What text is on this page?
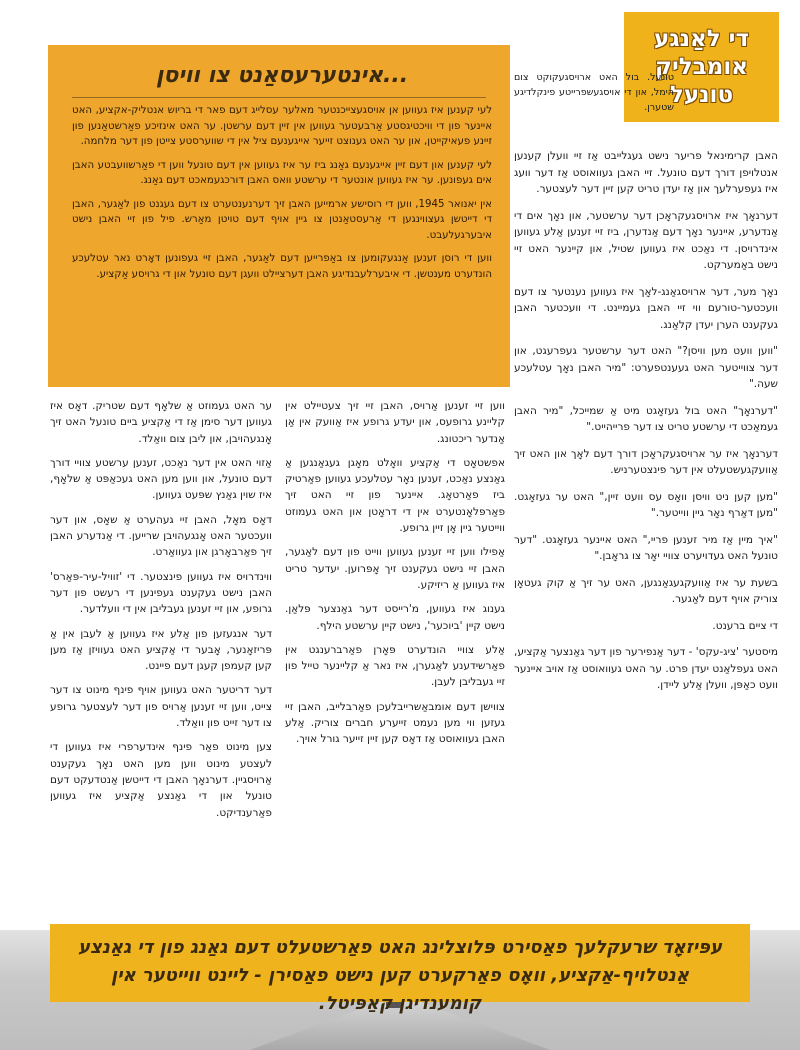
די לאַנגע
אומבליק
טונעל
טונעל. בול האט ארויסגעקוקט צום הימל, און די אויסגעשפרייטע פינקלדיגע שטערן.

האבן קרימינאל פריער נישט געגלייבט אַז זיי וועלן קענען אנטלויפן דורך דעם טונעל. זיי האבן געוואוסט אַז דער וועג איז געפערלעך און אַז יעדן טריט קען זיין דער לעצטער.

דערנאָך איז ארויסגעקראָכן דער ערשטער, און נאָך אים די אַנדערע, איינער נאָך דעם אַנדערן, ביז זיי זענען אַלע געווען אינדרויסן. די נאַכט איז געווען שטיל, און קיינער האט זיי נישט באַמערקט.

נאָך מער, דער ארויסגאַנג-לאָך איז געווען נענטער צו דעם וועכטער-טורעם ווי זיי האבן געמיינט. די וועכטער האבן געקענט הערן יעדן קלאַנג.

"ווען וועט מען וויסן?" האט דער ערשטער געפרעגט, און דער צווייטער האט געענטפערט: "מיר האבן נאָך עטלעכע שעה."

"דערנאָך" האט בול געזאָגט מיט אַ שמייכל, "מיר האבן געמאַכט די ערשטע טריט צו דער פרייהייט."

דערנאָך איז ער ארויסגעקראָכן דורך דעם לאָך און האט זיך אַוועקגעשטעלט אין דער פינצטערניש.

"מען קען ניט וויסן וואָס עס וועט זיין," האט ער געזאָגט. "מען דאַרף נאָר גיין ווייטער."

"איך מיין אַז מיר זענען פריי," האט איינער געזאָגט. "דער טונעל האט געדויערט צוויי יאָר צו גראָבן."

בשעת ער איז אַוועקגעגאַנגען, האט ער זיך אַ קוק געטאָן צוריק אויף דעם לאַגער.

די ציים ברענט.

מיסטער 'ציג-עקס' - דער אַנפירער פון דער גאַנצער אַקציע, האט געפלאַנט יעדן פרט. ער האט געוואוסט אַז אויב איינער וועט כאַפּן, וועלן אַלע ליידן.

אינטערעסאַנט צו וויסן...

לעי קענען איז געווען אן אויסגעצייכנטער מאלער עסלייג דעם פאר די בריוש אנטליק-אקציע, האט איינער פון די וויכטיגסטע אַרבעטער געווען אין זיין דעם ערשטן. ער האט אינזיכע פאַרשטאַנען פון זיינע פעאיקייטן, און ער האט גענוצט זייער אייגענעם ציל אין די שווערסטע צייטן פון דער מלחמה.

לעי קענען און דעם זיין אייגענעם גאַנג ביז ער איז געווען אין דעם טונעל ווען די פאַרשוועבטע האבן אים געפונען. ער איז געווען אונטער די ערשטע וואס האבן דורכגעמאכט דעם גאַנג.

אין יאנואר 1945, ווען די רוסישע ארמייען האבן זיך דערנענטערט צו דעם געגנט פון לאַגער, האבן די דייטשן געצווינגען די אַרעסטאַנטן צו גיין אויף דעם טויטן מאַרש. פיל פון זיי האבן נישט איבערגעלעבט.

ווען די רוסן זענען אַנגעקומען צו באַפרייען דעם לאַגער, האבן זיי געפונען דאָרט נאר עטלעכע הונדערט מענטשן. די איבערלעבנדיגע האבן דערציילט וועגן דעם טונעל און די גרויסע אַקציע.

ווען זיי זענען אַרויס, האבן זיי זיך צעטיילט אין קליינע גרופעס, און יעדע גרופע איז אַוועק אין אַן אַנדער ריכטונג.

אפשטאָט די אַקציע וואָלט מאָגן געגאַנגען אַ גאַנצע נאַכט, זענען נאָר עטלעכע געווען פאַרטיק ביז פאַרטאָג. איינער פון זיי האט זיך פאַרפּלאָנטערט אין די דראָטן און האט געמוזט ווייטער גיין אָן זיין גרופע.

אַפילו ווען זיי זענען געווען ווייט פון דעם לאַגער, האבן זיי נישט געקענט זיך אָפּרוען. יעדער טריט איז געווען אַ ריזיקע.

גענוג איז געווען, מ'רייסט דער גאַנצער פּלאַן. נישט קיין 'ביוכער', נישט קיין ערשטע הילף.

אַלע צוויי הונדערט פּאָרן פאַרברענגט אין פאַרשידענע לאַגערן, איז נאר אַ קליינער טייל פון זיי געבליבן לעבן.

צווישן דעם אומבאַשרייבלעכן פאַרבלייב, האבן זיי געזען ווי מען נעמט זייערע חברים צוריק. אַלע האבן געוואוסט אַז דאָס קען זיין זייער גורל אויך.

ער האט געמוזט אַ שלאָף דעם שטריק. דאָס איז געווען דער סימן אַז די אַקציע ביים טונעל האט זיך אָנגעהויבן, און ליבן צום וואַלד.

אַזוי האט אין דער נאַכט, זענען ערשטע צוויי דורך דעם טונעל, און ווען מען האט געכאַפּט אַ שלאָף, איז שוין גאַנץ שפּעט געווען.

דאָס מאָל, האבן זיי געהערט אַ שאָס, און דער וועכטער האט אָנגעהויבן שרייען. די אַנדערע האבן זיך פאַרבאָרגן און געוואַרט.

ווינדרויס איז געווען פינצטער. די 'זוויל-עיר-פּאַרס' האבן נישט געקענט געפינען די רעשט פון דער גרופע, און זיי זענען געבליבן אין די וועלדער.

דער אנגעזען פון אַלע איז געווען אַ לעבן אין אַ פּריזאָנער, אָבער די אַקציע האט געוויזן אַז מען קען קעמפן קעגן דעם פיינט.

דער דריטער האט געווען אויף פינף מינוט צו דער צייט, ווען זיי זענען אַרויס פון דער לעצטער גרופע צו דער זייט פון וואַלד.

צען מינוט פאַר פינף אינדערפרי איז געווען די לעצטע מינוט ווען מען האט נאָך געקענט אַרויסגיין. דערנאָך האבן די דייטשן אַנטדעקט דעם טונעל און די גאַנצע אַקציע איז געווען פאַרענדיקט.

עפּיזאָד שרעקלעך פאַסירט פּלוצלינג האט פאַרשטעלט דעם גאַנג פון די גאַנצע אַנטלויף-אַקציע, וואָס פאַרקערט קען נישט פאַסירן - ליינט ווייטער אין קומענדיגן קאַפּיטל.
